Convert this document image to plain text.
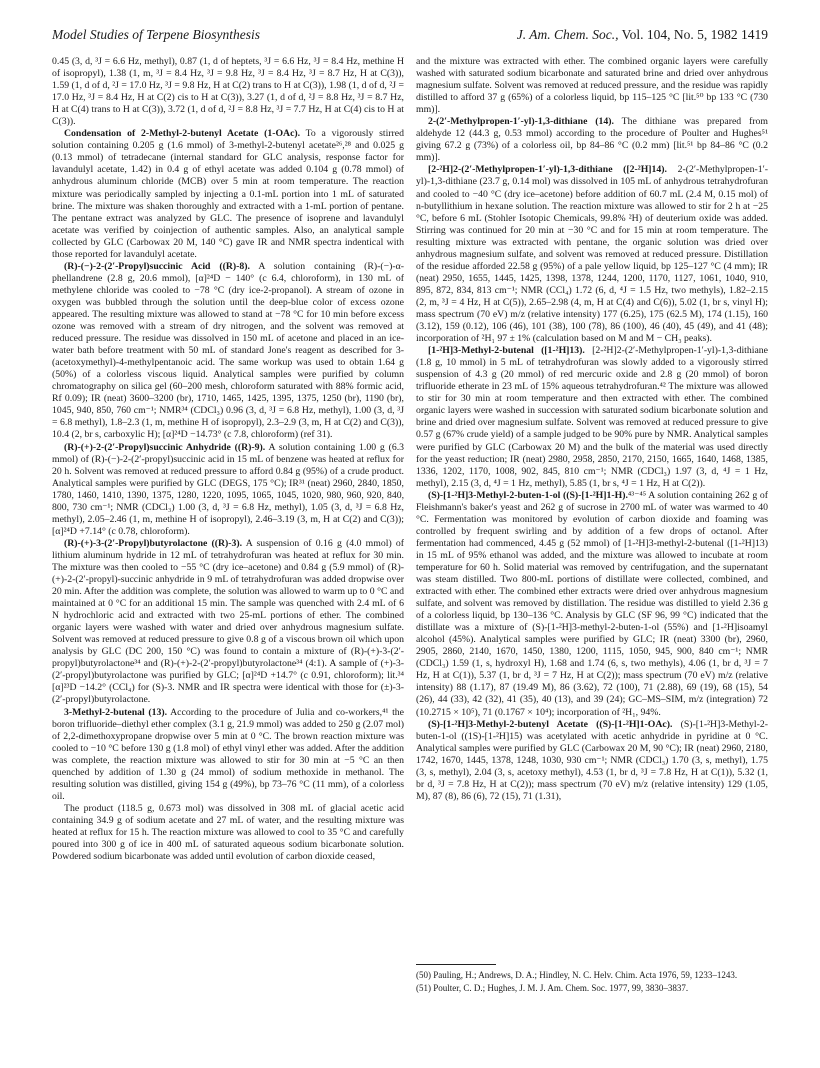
Model Studies of Terpene Biosynthesis	J. Am. Chem. Soc., Vol. 104, No. 5, 1982 1419

0.45 (3, d, ³J = 6.6 Hz, methyl), 0.87 (1, d of heptets, ³J = 6.6 Hz, ³J = 8.4 Hz, methine H of isopropyl), 1.38 (1, m, ³J = 8.4 Hz, ³J = 9.8 Hz, ³J = 8.4 Hz, ³J = 8.7 Hz, H at C(3)), 1.59 (1, d of d, ²J = 17.0 Hz, ³J = 9.8 Hz, H at C(2) trans to H at C(3)), 1.98 (1, d of d, ²J = 17.0 Hz, ³J = 8.4 Hz, H at C(2) cis to H at C(3)), 3.27 (1, d of d, ²J = 8.8 Hz, ³J = 8.7 Hz, H at C(4) trans to H at C(3)), 3.72 (1, d of d, ²J = 8.8 Hz, ³J = 7.7 Hz, H at C(4) cis to H at C(3)).

Condensation of 2-Methyl-2-butenyl Acetate (1-OAc). To a vigorously stirred solution containing 0.205 g (1.6 mmol) of 3-methyl-2-butenyl acetate²⁶,²⁸ and 0.025 g (0.13 mmol) of tetradecane (internal standard for GLC analysis, response factor for lavandulyl acetate, 1.42) in 0.4 g of ethyl acetate was added 0.104 g (0.78 mmol) of anhydrous aluminum chloride (MCB) over 5 min at room temperature. The reaction mixture was periodically sampled by injecting a 0.1-mL portion into 1 mL of saturated brine. The mixture was shaken thoroughly and extracted with a 1-mL portion of pentane. The pentane extract was analyzed by GLC. The presence of isoprene and lavandulyl acetate was verified by coinjection of authentic samples. Also, an analytical sample collected by GLC (Carbowax 20 M, 140 °C) gave IR and NMR spectra indentical with those reported for lavandulyl acetate.

(R)-(−)-2-(2′-Propyl)succinic Acid ((R)-8). A solution containing (R)-(−)-α-phellandrene (2.8 g, 20.6 mmol), [α]²⁴D − 140° (c 6.4, chloroform), in 130 mL of methylene chloride was cooled to −78 °C (dry ice-2-propanol). A stream of ozone in oxygen was bubbled through the solution until the deep-blue color of excess ozone appeared. The resulting mixture was allowed to stand at −78 °C for 10 min before excess ozone was removed with a stream of dry nitrogen, and the solvent was removed at reduced pressure. The residue was dissolved in 150 mL of acetone and placed in an ice-water bath before treatment with 50 mL of standard Jone's reagent as described for 3-(acetoxymethyl)-4-methylpentanoic acid. The same workup was used to obtain 1.64 g (50%) of a colorless viscous liquid. Analytical samples were purified by column chromatography on silica gel (60–200 mesh, chloroform saturated with 88% formic acid, Rf 0.09); IR (neat) 3600–3200 (br), 1710, 1465, 1425, 1395, 1375, 1250 (br), 1190 (br), 1045, 940, 850, 760 cm⁻¹; NMR³⁴ (CDCl₃) 0.96 (3, d, ³J = 6.8 Hz, methyl), 1.00 (3, d, ³J = 6.8 methyl), 1.8–2.3 (1, m, methine H of isopropyl), 2.3–2.9 (3, m, H at C(2) and C(3)), 10.4 (2, br s, carboxylic H); [α]²⁴D −14.73° (c 7.8, chloroform) (ref 31).

(R)-(+)-2-(2′-Propyl)succinic Anhydride ((R)-9). A solution containing 1.00 g (6.3 mmol) of (R)-(−)-2-(2′-propyl)succinic acid in 15 mL of benzene was heated at reflux for 20 h. Solvent was removed at reduced pressure to afford 0.84 g (95%) of a crude product. Analytical samples were purified by GLC (DEGS, 175 °C); IR³¹ (neat) 2960, 2840, 1850, 1780, 1460, 1410, 1390, 1375, 1280, 1220, 1095, 1065, 1045, 1020, 980, 960, 920, 840, 800, 730 cm⁻¹; NMR (CDCl₃) 1.00 (3, d, ³J = 6.8 Hz, methyl), 1.05 (3, d, ³J = 6.8 Hz, methyl), 2.05–2.46 (1, m, methine H of isopropyl), 2.46–3.19 (3, m, H at C(2) and C(3)); [α]²⁴D +7.14° (c 0.78, chloroform).

(R)-(+)-3-(2′-Propyl)butyrolactone ((R)-3). A suspension of 0.16 g (4.0 mmol) of lithium aluminum hydride in 12 mL of tetrahydrofuran was heated at reflux for 30 min. The mixture was then cooled to −55 °C (dry ice–acetone) and 0.84 g (5.9 mmol) of (R)-(+)-2-(2′-propyl)-succinic anhydride in 9 mL of tetrahydrofuran was added dropwise over 20 min. After the addition was complete, the solution was allowed to warm up to 0 °C and maintained at 0 °C for an additional 15 min. The sample was quenched with 2.4 mL of 6 N hydrochloric acid and extracted with two 25-mL portions of ether. The combined organic layers were washed with water and dried over anhydrous magnesium sulfate. Solvent was removed at reduced pressure to give 0.8 g of a viscous brown oil which upon analysis by GLC (DC 200, 150 °C) was found to contain a mixture of (R)-(+)-3-(2′-propyl)butyrolactone³⁴ and (R)-(+)-2-(2′-propyl)butyrolactone³⁴ (4:1). A sample of (+)-3-(2′-propyl)butyrolactone was purified by GLC; [α]²⁴D +14.7° (c 0.91, chloroform); lit.³⁴ [α]²³D −14.2° (CCl₄) for (S)-3. NMR and IR spectra were identical with those for (±)-3-(2′-propyl)butyrolactone.

3-Methyl-2-butenal (13). According to the procedure of Julia and co-workers,⁴¹ the boron trifluoride–diethyl ether complex (3.1 g, 21.9 mmol) was added to 250 g (2.07 mol) of 2,2-dimethoxypropane dropwise over 5 min at 0 °C. The brown reaction mixture was cooled to −10 °C before 130 g (1.8 mol) of ethyl vinyl ether was added. After the addition was complete, the reaction mixture was allowed to stir for 30 min at −5 °C an then quenched by addition of 1.30 g (24 mmol) of sodium methoxide in methanol. The resulting solution was distilled, giving 154 g (49%), bp 73–76 °C (11 mm), of a colorless oil.

The product (118.5 g, 0.673 mol) was dissolved in 308 mL of glacial acetic acid containing 34.9 g of sodium acetate and 27 mL of water, and the resulting mixture was heated at reflux for 15 h. The reaction mixture was allowed to cool to 35 °C and carefully poured into 300 g of ice in 400 mL of saturated aqueous sodium bicarbonate solution. Powdered sodium bicarbonate was added until evolution of carbon dioxide ceased,

and the mixture was extracted with ether. The combined organic layers were carefully washed with saturated sodium bicarbonate and saturated brine and dried over anhydrous magnesium sulfate. Solvent was removed at reduced pressure, and the residue was rapidly distilled to afford 37 g (65%) of a colorless liquid, bp 115–125 °C [lit.⁵⁰ bp 133 °C (730 mm)].

2-(2′-Methylpropen-1′-yl)-1,3-dithiane (14). The dithiane was prepared from aldehyde 12 (44.3 g, 0.53 mmol) according to the procedure of Poulter and Hughes⁵¹ giving 67.2 g (73%) of a colorless oil, bp 84–86 °C (0.2 mm) [lit.⁵¹ bp 84–86 °C (0.2 mm)].

[2-²H]2-(2′-Methylpropen-1′-yl)-1,3-dithiane ([2-²H]14). 2-(2′-Methylpropen-1′-yl)-1,3-dithiane (23.7 g, 0.14 mol) was dissolved in 105 mL of anhydrous tetrahydrofuran and cooled to −40 °C (dry ice–acetone) before addition of 60.7 mL (2.4 M, 0.15 mol) of n-butyllithium in hexane solution. The reaction mixture was allowed to stir for 2 h at −25 °C, before 6 mL (Stohler Isotopic Chemicals, 99.8% ²H) of deuterium oxide was added. Stirring was continued for 20 min at −30 °C and for 15 min at room temperature. The resulting mixture was extracted with pentane, the organic solution was dried over anhydrous magnesium sulfate, and solvent was removed at reduced pressure. Distillation of the residue afforded 22.58 g (95%) of a pale yellow liquid, bp 125–127 °C (4 mm); IR (neat) 2950, 1655, 1445, 1425, 1398, 1378, 1244, 1200, 1170, 1127, 1061, 1040, 910, 895, 872, 834, 813 cm⁻¹; NMR (CCl₄) 1.72 (6, d, ⁴J = 1.5 Hz, two methyls), 1.82–2.15 (2, m, ³J = 4 Hz, H at C(5)), 2.65–2.98 (4, m, H at C(4) and C(6)), 5.02 (1, br s, vinyl H); mass spectrum (70 eV) m/z (relative intensity) 177 (6.25), 175 (62.5 M), 174 (1.15), 160 (3.12), 159 (0.12), 106 (46), 101 (38), 100 (78), 86 (100), 46 (40), 45 (49), and 41 (48); incorporation of ²H₁ 97 ± 1% (calculation based on M and M − CH₃ peaks).

[1-²H]3-Methyl-2-butenal ([1-²H]13). [2-²H]2-(2′-Methylpropen-1′-yl)-1,3-dithiane (1.8 g, 10 mmol) in 5 mL of tetrahydrofuran was slowly added to a vigorously stirred suspension of 4.3 g (20 mmol) of red mercuric oxide and 2.8 g (20 mmol) of boron trifluoride etherate in 23 mL of 15% aqueous tetrahydrofuran.⁴² The mixture was allowed to stir for 30 min at room temperature and then extracted with ether. The combined organic layers were washed in succession with saturated sodium bicarbonate solution and brine and dried over magnesium sulfate. Solvent was removed at reduced pressure to give 0.57 g (67% crude yield) of a sample judged to be 90% pure by NMR. Analytical samples were purified by GLC (Carbowax 20 M) and the bulk of the material was used directly for the yeast reduction; IR (neat) 2980, 2958, 2850, 2170, 2150, 1665, 1640, 1468, 1385, 1336, 1202, 1170, 1008, 902, 845, 810 cm⁻¹; NMR (CDCl₃) 1.97 (3, d, ⁴J = 1 Hz, methyl), 2.15 (3, d, ⁴J = 1 Hz, methyl), 5.85 (1, br s, ⁴J = 1 Hz, H at C(2)).

(S)-[1-²H]3-Methyl-2-buten-1-ol ((S)-[1-²H]1-H).⁴³⁻⁴⁵ A solution containing 262 g of Fleishmann's baker's yeast and 262 g of sucrose in 2700 mL of water was warmed to 40 °C. Fermentation was monitored by evolution of carbon dioxide and foaming was controlled by frequent swirling and by addition of a few drops of octanol. After fermentation had commenced, 4.45 g (52 mmol) of [1-²H]3-methyl-2-butenal ([1-²H]13) in 15 mL of 95% ethanol was added, and the mixture was allowed to incubate at room temperature for 60 h. Solid material was removed by centrifugation, and the supernatant was steam distilled. Two 800-mL portions of distillate were collected, combined, and extracted with ether. The combined ether extracts were dried over anhydrous magnesium sulfate, and solvent was removed by distillation. The residue was distilled to yield 2.36 g of a colorless liquid, bp 130–136 °C. Analysis by GLC (SF 96, 99 °C) indicated that the distillate was a mixture of (S)-[1-²H]3-methyl-2-buten-1-ol (55%) and [1-²H]isoamyl alcohol (45%). Analytical samples were purified by GLC; IR (neat) 3300 (br), 2960, 2905, 2860, 2140, 1670, 1450, 1380, 1200, 1115, 1050, 945, 900, 840 cm⁻¹; NMR (CDCl₃) 1.59 (1, s, hydroxyl H), 1.68 and 1.74 (6, s, two methyls), 4.06 (1, br d, ³J = 7 Hz, H at C(1)), 5.37 (1, br d, ³J = 7 Hz, H at C(2)); mass spectrum (70 eV) m/z (relative intensity) 88 (1.17), 87 (19.49 M), 86 (3.62), 72 (100), 71 (2.88), 69 (19), 68 (15), 54 (26), 44 (33), 42 (32), 41 (35), 40 (13), and 39 (24); GC–MS–SIM, m/z (integration) 72 (10.2715 × 10⁵), 71 (0.1767 × 10⁴); incorporation of ²H₁, 94%.

(S)-[1-²H]3-Methyl-2-butenyl Acetate ((S)-[1-²H]1-OAc). (S)-[1-²H]3-Methyl-2-buten-1-ol ((1S)-[1-²H]15) was acetylated with acetic anhydride in pyridine at 0 °C. Analytical samples were purified by GLC (Carbowax 20 M, 90 °C); IR (neat) 2960, 2180, 1742, 1670, 1445, 1378, 1248, 1030, 930 cm⁻¹; NMR (CDCl₃) 1.70 (3, s, methyl), 1.75 (3, s, methyl), 2.04 (3, s, acetoxy methyl), 4.53 (1, br d, ³J = 7.8 Hz, H at C(1)), 5.32 (1, br d, ³J = 7.8 Hz, H at C(2)); mass spectrum (70 eV) m/z (relative intensity) 129 (1.05, M), 87 (8), 86 (6), 72 (15), 71 (1.31),

(50) Pauling, H.; Andrews, D. A.; Hindley, N. C. Helv. Chim. Acta 1976, 59, 1233–1243.

(51) Poulter, C. D.; Hughes, J. M. J. Am. Chem. Soc. 1977, 99, 3830–3837.
